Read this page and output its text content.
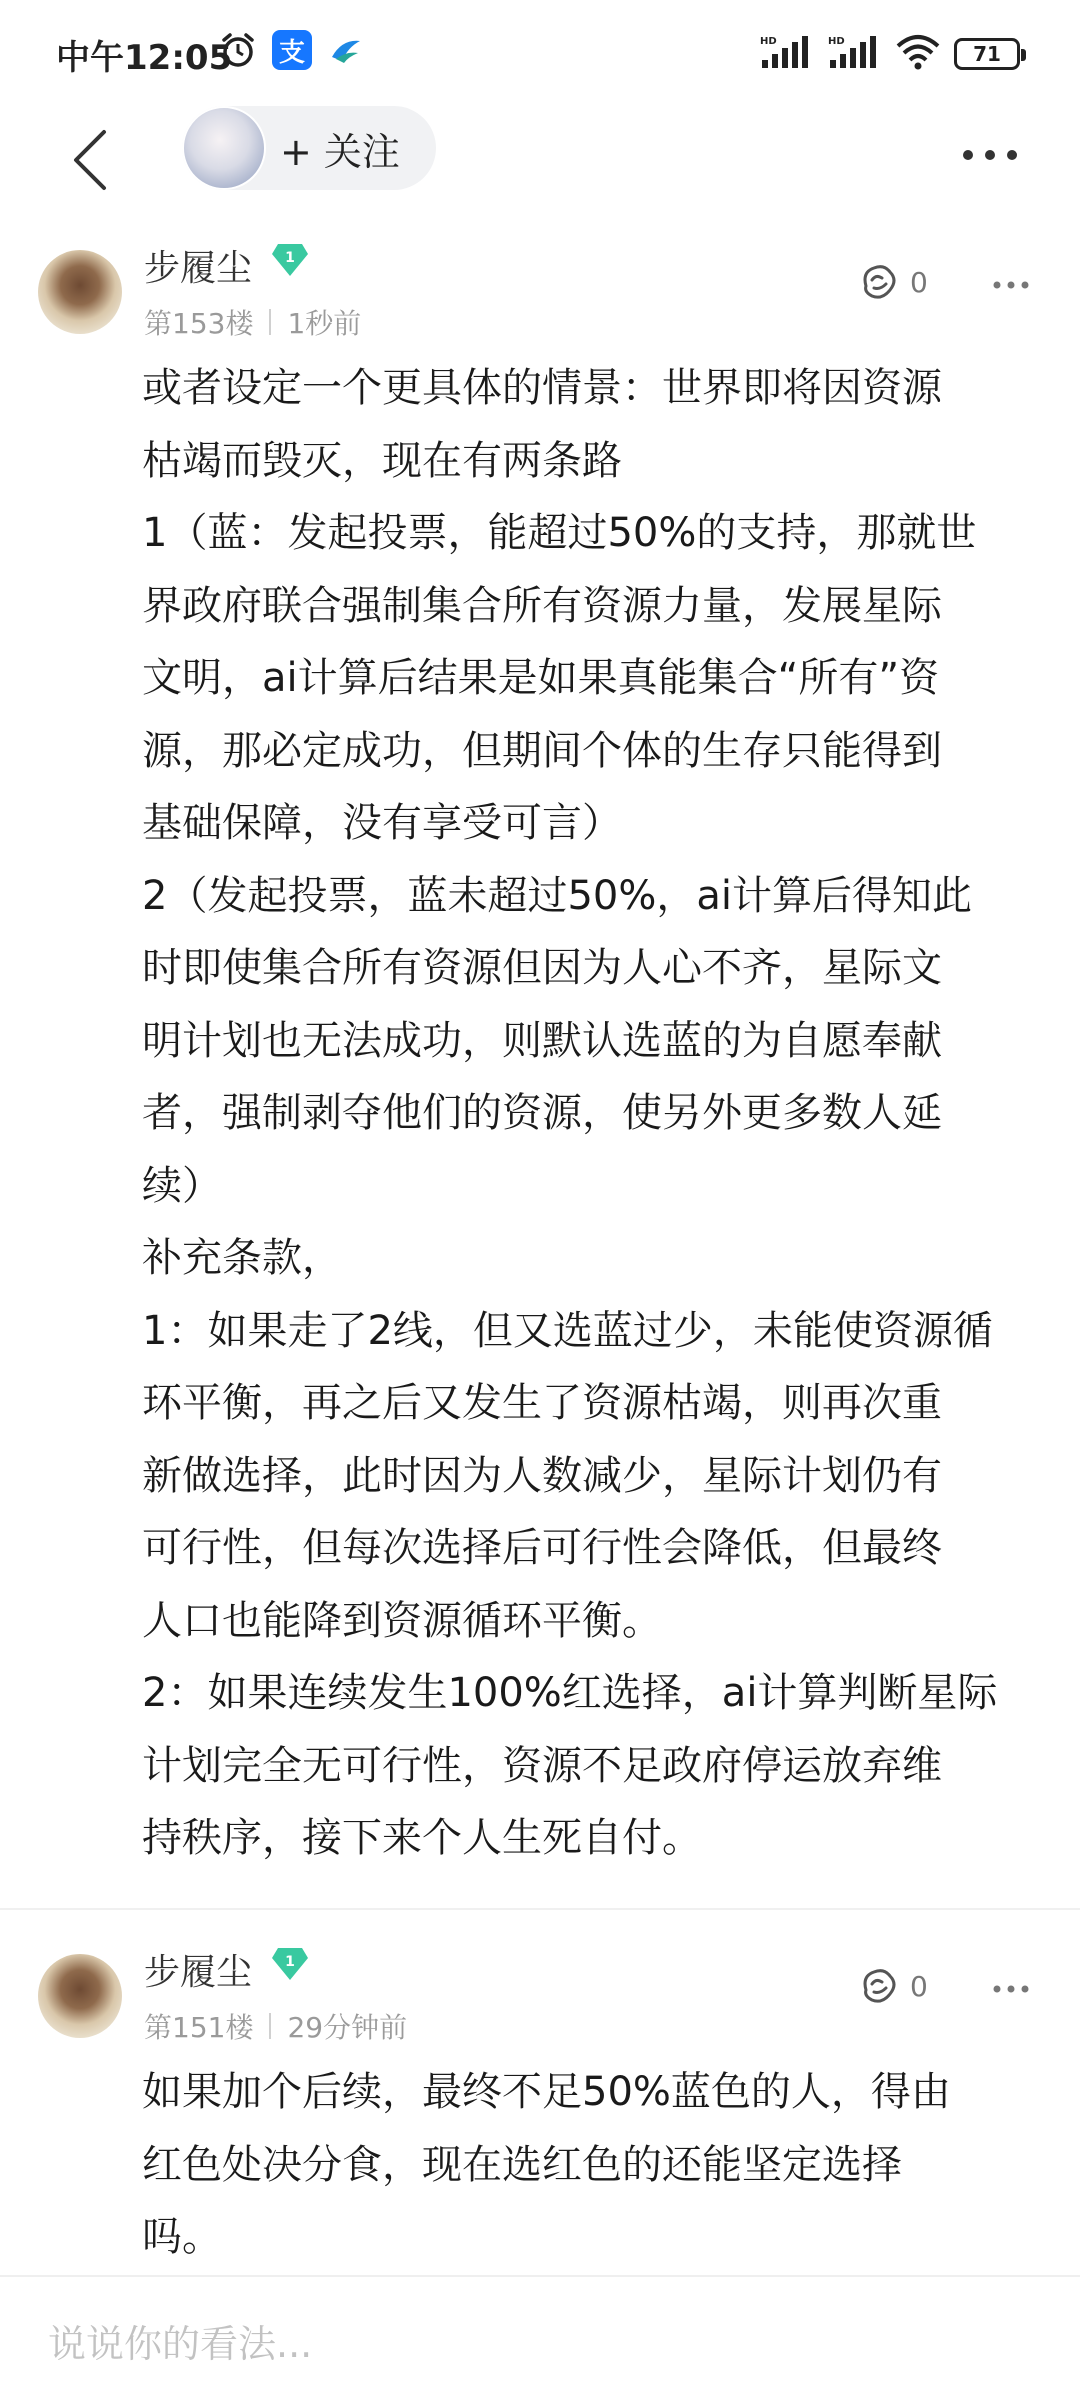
中午12:05 支	HD	HD
71
+ 关注
步履尘 1
第153楼 1秒前
0

或者设定一个更具体的情景：世界即将因资源

枯竭而毁灭，现在有两条路

1（蓝：发起投票，能超过50%的支持，那就世

界政府联合强制集合所有资源力量，发展星际

文明，ai计算后结果是如果真能集合“所有”资

源，那必定成功，但期间个体的生存只能得到

基础保障，没有享受可言）

2（发起投票，蓝未超过50%，ai计算后得知此

时即使集合所有资源但因为人心不齐，星际文

明计划也无法成功，则默认选蓝的为自愿奉献

者，强制剥夺他们的资源，使另外更多数人延

续）

补充条款，

1：如果走了2线，但又选蓝过少，未能使资源循

环平衡，再之后又发生了资源枯竭，则再次重

新做选择，此时因为人数减少，星际计划仍有

可行性，但每次选择后可行性会降低，但最终

人口也能降到资源循环平衡。

2：如果连续发生100%红选择，ai计算判断星际

计划完全无可行性，资源不足政府停运放弃维

持秩序，接下来个人生死自付。

步履尘 1
第151楼 29分钟前
0

如果加个后续，最终不足50%蓝色的人，得由

红色处决分食，现在选红色的还能坚定选择

吗。

说说你的看法...
